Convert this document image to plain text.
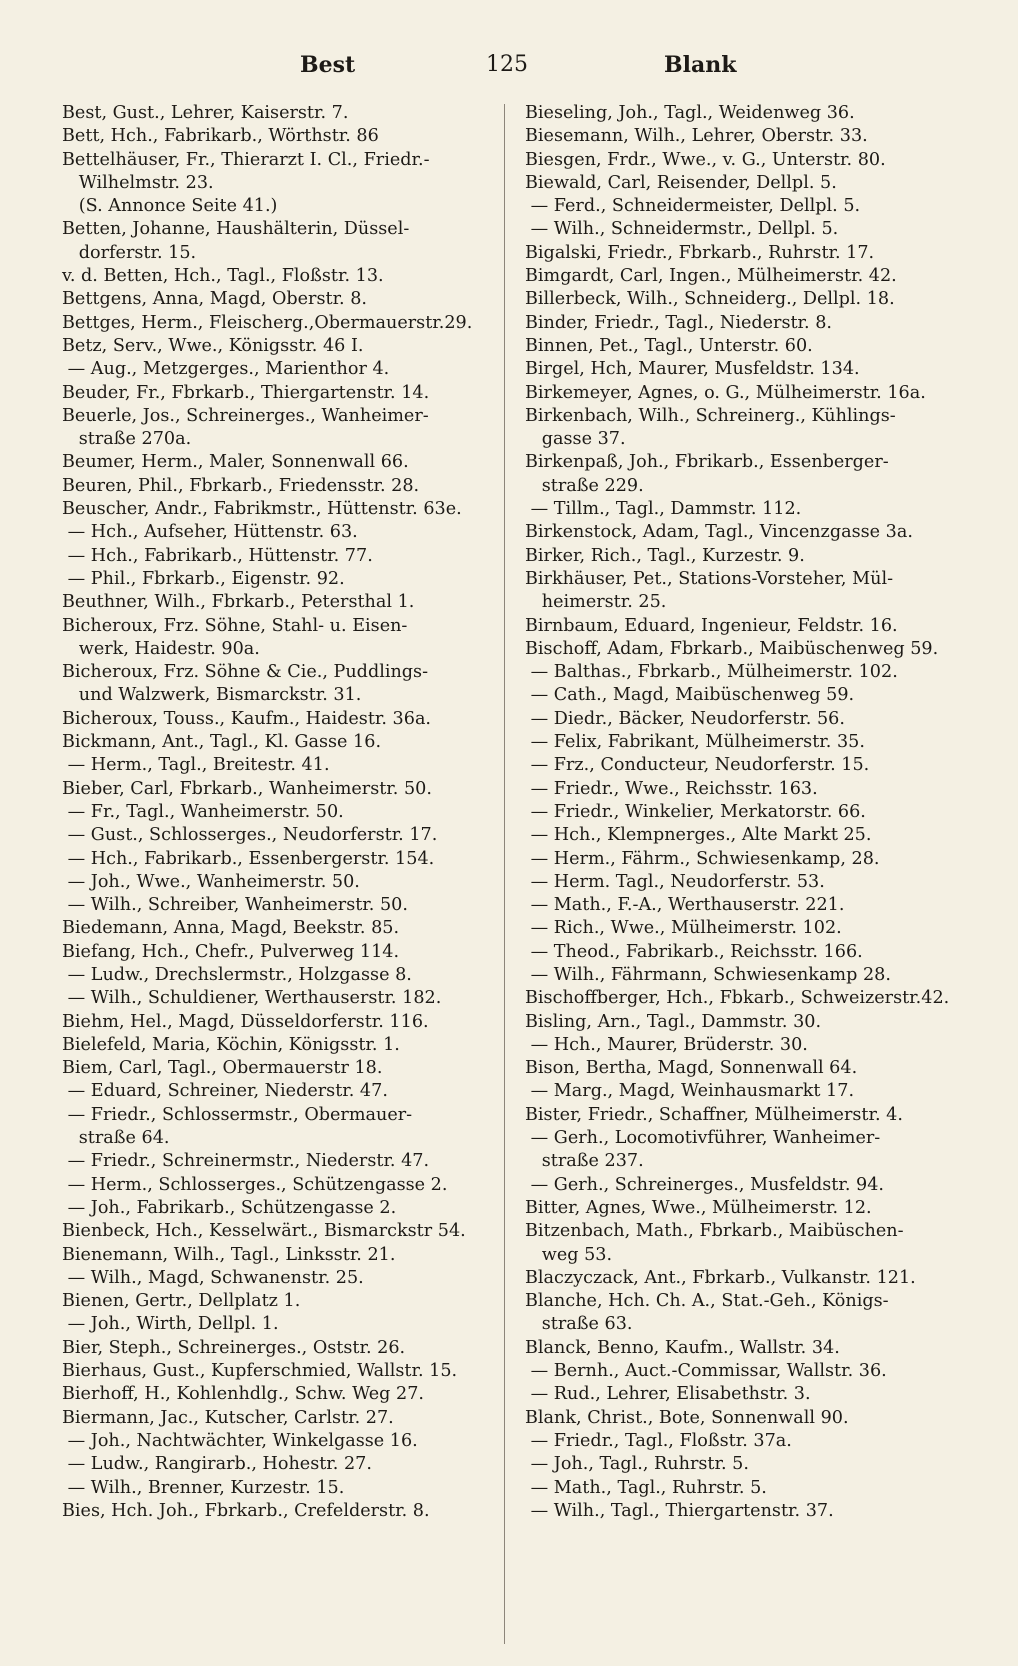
Best	125	Blank
Best, Gust., Lehrer, Kaiserstr. 7.
Bett, Hch., Fabrikarb., Wörthstr. 86
Bettelhäuser, Fr., Thierarzt I. Cl., Friedr.-
Wilhelmstr. 23.
(S. Annonce Seite 41.)
Betten, Johanne, Haushälterin, Düssel-
dorferstr. 15.
v. d. Betten, Hch., Tagl., Floßstr. 13.
Bettgens, Anna, Magd, Oberstr. 8.
Bettges, Herm., Fleischerg.,Obermauerstr.29.
Betz, Serv., Wwe., Königsstr. 46 I.
— Aug., Metzgerges., Marienthor 4.
Beuder, Fr., Fbrkarb., Thiergartenstr. 14.
Beuerle, Jos., Schreinerges., Wanheimer-
straße 270a.
Beumer, Herm., Maler, Sonnenwall 66.
Beuren, Phil., Fbrkarb., Friedensstr. 28.
Beuscher, Andr., Fabrikmstr., Hüttenstr. 63e.
— Hch., Aufseher, Hüttenstr. 63.
— Hch., Fabrikarb., Hüttenstr. 77.
— Phil., Fbrkarb., Eigenstr. 92.
Beuthner, Wilh., Fbrkarb., Petersthal 1.
Bicheroux, Frz. Söhne, Stahl- u. Eisen-
werk, Haidestr. 90a.
Bicheroux, Frz. Söhne & Cie., Puddlings-
und Walzwerk, Bismarckstr. 31.
Bicheroux, Touss., Kaufm., Haidestr. 36a.
Bickmann, Ant., Tagl., Kl. Gasse 16.
— Herm., Tagl., Breitestr. 41.
Bieber, Carl, Fbrkarb., Wanheimerstr. 50.
— Fr., Tagl., Wanheimerstr. 50.
— Gust., Schlosserges., Neudorferstr. 17.
— Hch., Fabrikarb., Essenbergerstr. 154.
— Joh., Wwe., Wanheimerstr. 50.
— Wilh., Schreiber, Wanheimerstr. 50.
Biedemann, Anna, Magd, Beekstr. 85.
Biefang, Hch., Chefr., Pulverweg 114.
— Ludw., Drechslermstr., Holzgasse 8.
— Wilh., Schuldiener, Werthauserstr. 182.
Biehm, Hel., Magd, Düsseldorferstr. 116.
Bielefeld, Maria, Köchin, Königsstr. 1.
Biem, Carl, Tagl., Obermauerstr 18.
— Eduard, Schreiner, Niederstr. 47.
— Friedr., Schlossermstr., Obermauer-
straße 64.
— Friedr., Schreinermstr., Niederstr. 47.
— Herm., Schlosserges., Schützengasse 2.
— Joh., Fabrikarb., Schützengasse 2.
Bienbeck, Hch., Kesselwärt., Bismarckstr 54.
Bienemann, Wilh., Tagl., Linksstr. 21.
— Wilh., Magd, Schwanenstr. 25.
Bienen, Gertr., Dellplatz 1.
— Joh., Wirth, Dellpl. 1.
Bier, Steph., Schreinerges., Oststr. 26.
Bierhaus, Gust., Kupferschmied, Wallstr. 15.
Bierhoff, H., Kohlenhdlg., Schw. Weg 27.
Biermann, Jac., Kutscher, Carlstr. 27.
— Joh., Nachtwächter, Winkelgasse 16.
— Ludw., Rangirarb., Hohestr. 27.
— Wilh., Brenner, Kurzestr. 15.
Bies, Hch. Joh., Fbrkarb., Crefelderstr. 8.
Bieseling, Joh., Tagl., Weidenweg 36.
Biesemann, Wilh., Lehrer, Oberstr. 33.
Biesgen, Frdr., Wwe., v. G., Unterstr. 80.
Biewald, Carl, Reisender, Dellpl. 5.
— Ferd., Schneidermeister, Dellpl. 5.
— Wilh., Schneidermstr., Dellpl. 5.
Bigalski, Friedr., Fbrkarb., Ruhrstr. 17.
Bimgardt, Carl, Ingen., Mülheimerstr. 42.
Billerbeck, Wilh., Schneiderg., Dellpl. 18.
Binder, Friedr., Tagl., Niederstr. 8.
Binnen, Pet., Tagl., Unterstr. 60.
Birgel, Hch, Maurer, Musfeldstr. 134.
Birkemeyer, Agnes, o. G., Mülheimerstr. 16a.
Birkenbach, Wilh., Schreinerg., Kühlings-
gasse 37.
Birkenpaß, Joh., Fbrikarb., Essenberger-
straße 229.
— Tillm., Tagl., Dammstr. 112.
Birkenstock, Adam, Tagl., Vincenzgasse 3a.
Birker, Rich., Tagl., Kurzestr. 9.
Birkhäuser, Pet., Stations-Vorsteher, Mül-
heimerstr. 25.
Birnbaum, Eduard, Ingenieur, Feldstr. 16.
Bischoff, Adam, Fbrkarb., Maibüschenweg 59.
— Balthas., Fbrkarb., Mülheimerstr. 102.
— Cath., Magd, Maibüschenweg 59.
— Diedr., Bäcker, Neudorferstr. 56.
— Felix, Fabrikant, Mülheimerstr. 35.
— Frz., Conducteur, Neudorferstr. 15.
— Friedr., Wwe., Reichsstr. 163.
— Friedr., Winkelier, Merkatorstr. 66.
— Hch., Klempnerges., Alte Markt 25.
— Herm., Fährm., Schwiesenkamp, 28.
— Herm. Tagl., Neudorferstr. 53.
— Math., F.-A., Werthauserstr. 221.
— Rich., Wwe., Mülheimerstr. 102.
— Theod., Fabrikarb., Reichsstr. 166.
— Wilh., Fährmann, Schwiesenkamp 28.
Bischoffberger, Hch., Fbkarb., Schweizerstr.42.
Bisling, Arn., Tagl., Dammstr. 30.
— Hch., Maurer, Brüderstr. 30.
Bison, Bertha, Magd, Sonnenwall 64.
— Marg., Magd, Weinhausmarkt 17.
Bister, Friedr., Schaffner, Mülheimerstr. 4.
— Gerh., Locomotivführer, Wanheimer-
straße 237.
— Gerh., Schreinerges., Musfeldstr. 94.
Bitter, Agnes, Wwe., Mülheimerstr. 12.
Bitzenbach, Math., Fbrkarb., Maibüschen-
weg 53.
Blaczyczack, Ant., Fbrkarb., Vulkanstr. 121.
Blanche, Hch. Ch. A., Stat.-Geh., Königs-
straße 63.
Blanck, Benno, Kaufm., Wallstr. 34.
— Bernh., Auct.-Commissar, Wallstr. 36.
— Rud., Lehrer, Elisabethstr. 3.
Blank, Christ., Bote, Sonnenwall 90.
— Friedr., Tagl., Floßstr. 37a.
— Joh., Tagl., Ruhrstr. 5.
— Math., Tagl., Ruhrstr. 5.
— Wilh., Tagl., Thiergartenstr. 37.
